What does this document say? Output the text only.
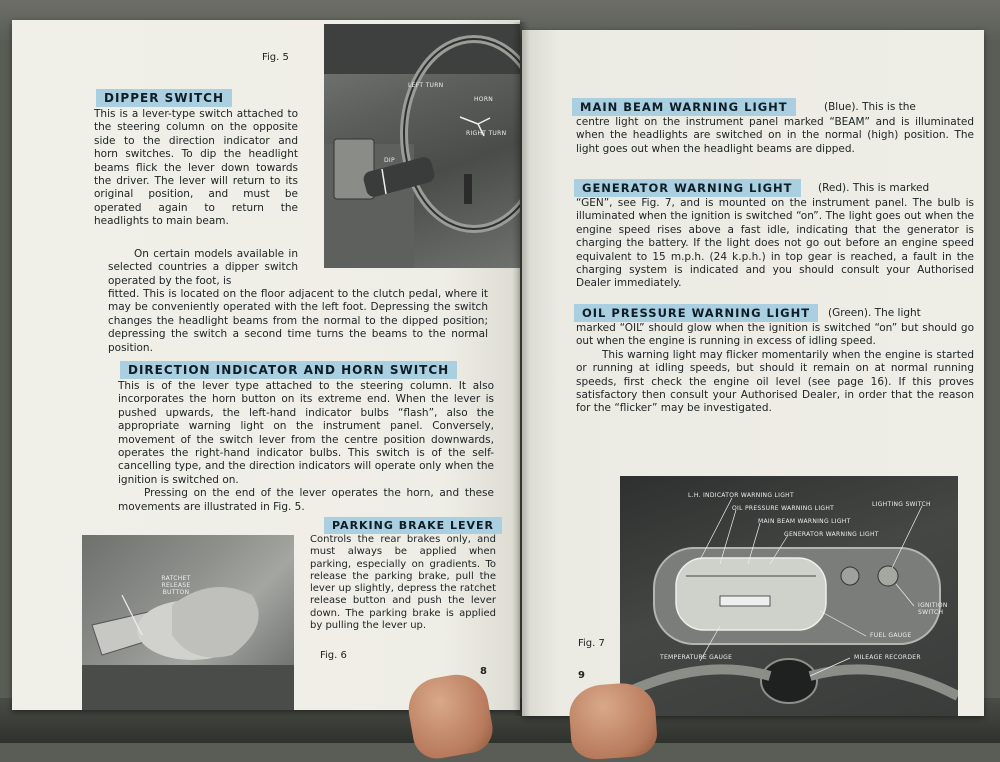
Fig. 5
LEFT TURN
HORN
RIGHT TURN
DIP
DIPPER SWITCH

This is a lever-type switch attached to the steering column on the opposite side to the direction indicator and horn switches. To dip the headlight beams flick the lever down towards the driver. The lever will return to its original position, and must be operated again to return the headlights to main beam.

On certain models available in selected countries a dipper switch operated by the foot, is

fitted. This is located on the floor adjacent to the clutch pedal, where it may be conveniently operated with the left foot. Depressing the switch changes the headlight beams from the normal to the dipped position; depressing the switch a second time turns the beams to the normal position.

DIRECTION INDICATOR AND HORN SWITCH

This is of the lever type attached to the steering column. It also incorporates the horn button on its extreme end. When the lever is pushed upwards, the left-hand indicator bulbs “flash”, also the appropriate warning light on the instrument panel. Conversely, movement of the switch lever from the centre position downwards, operates the right-hand indicator bulbs. This switch is of the self-cancelling type, and the direction indicators will operate only when the ignition is switched on.

Pressing on the end of the lever operates the horn, and these movements are illustrated in Fig. 5.

PARKING BRAKE LEVER

Controls the rear brakes only, and must always be applied when parking, especially on gradients. To release the parking brake, pull the lever up slightly, depress the ratchet release button and push the lever down. The parking brake is applied by pulling the lever up.

RATCHET RELEASE BUTTON
Fig. 6
8
MAIN BEAM WARNING LIGHT	(Blue). This is the

centre light on the instrument panel marked “BEAM” and is illuminated when the headlights are switched on in the normal (high) position. The light goes out when the headlight beams are dipped.

GENERATOR WARNING LIGHT	(Red). This is marked

“GEN”, see Fig. 7, and is mounted on the instrument panel. The bulb is illuminated when the ignition is switched “on”. The light goes out when the engine speed rises above a fast idle, indicating that the generator is charging the battery. If the light does not go out before an engine speed equivalent to 15 m.p.h. (24 k.p.h.) in top gear is reached, a fault in the charging system is indicated and you should consult your Authorised Dealer immediately.

OIL PRESSURE WARNING LIGHT	(Green). The light

marked “OIL” should glow when the ignition is switched “on” but should go out when the engine is running in excess of idling speed.

This warning light may flicker momentarily when the engine is started or running at idling speeds, but should it remain on at normal running speeds, first check the engine oil level (see page 16). If this proves satisfactory then consult your Authorised Dealer, in order that the reason for the “flicker” may be investigated.

L.H. INDICATOR WARNING LIGHT
OIL PRESSURE WARNING LIGHT
MAIN BEAM WARNING LIGHT
GENERATOR WARNING LIGHT
LIGHTING SWITCH
IGNITION SWITCH
FUEL GAUGE
TEMPERATURE GAUGE	MILEAGE RECORDER
Fig. 7
9
